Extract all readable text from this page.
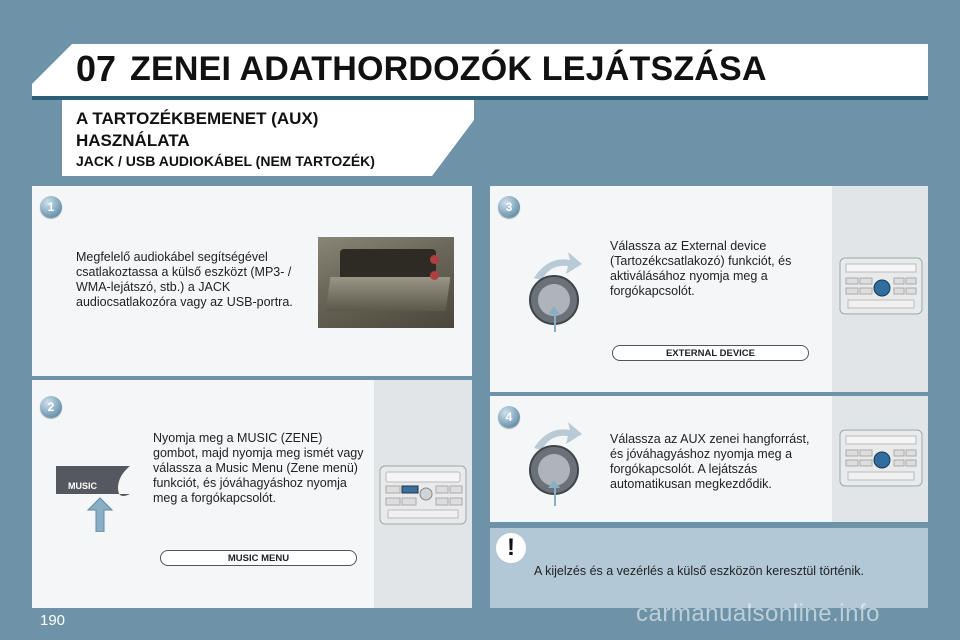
07 ZENEI ADATHORDOZÓK LEJÁTSZÁSA
A TARTOZÉKBEMENET (AUX) HASZNÁLATA
JACK / USB AUDIOKÁBEL (NEM TARTOZÉK)
1
Megfelelő audiokábel segítségével csatlakoztassa a külső eszközt (MP3- / WMA-lejátszó, stb.) a JACK audiocsatlakozóra vagy az USB-portra.
2
Nyomja meg a MUSIC (ZENE) gombot, majd nyomja meg ismét vagy válassza a Music Menu (Zene menü) funkciót, és jóváhagyáshoz nyomja meg a forgókapcsolót.
MUSIC
MUSIC MENU
3
Válassza az External device (Tartozékcsatlakozó) funkciót, és aktiválásához nyomja meg a forgókapcsolót.
EXTERNAL DEVICE
4
Válassza az AUX zenei hangforrást, és jóváhagyáshoz nyomja meg a forgókapcsolót. A lejátszás automatikusan megkezdődik.
!
A kijelzés és a vezérlés a külső eszközön keresztül történik.
190	carmanualsonline.info
